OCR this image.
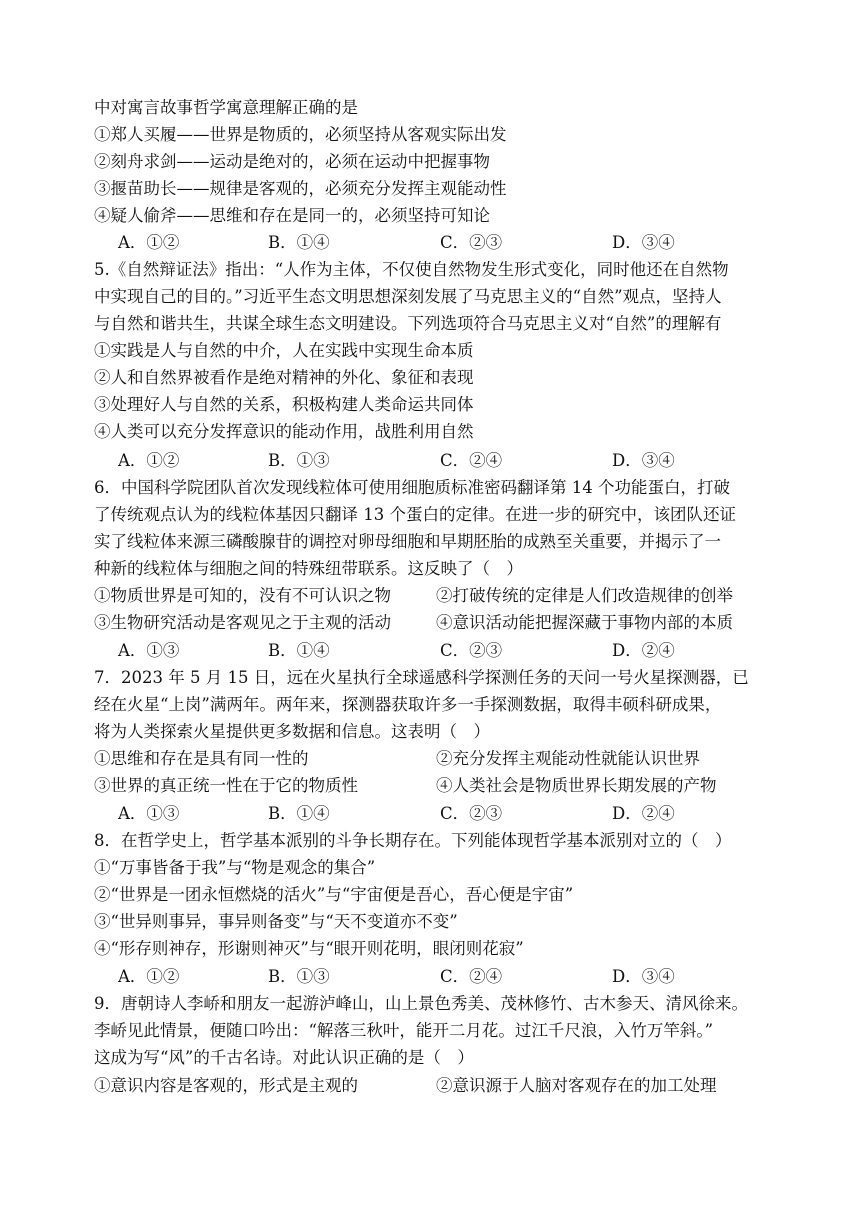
中对寓言故事哲学寓意理解正确的是
①郑人买履——世界是物质的，必须坚持从客观实际出发
②刻舟求剑——运动是绝对的，必须在运动中把握事物
③揠苗助长——规律是客观的，必须充分发挥主观能动性
④疑人偷斧——思维和存在是同一的，必须坚持可知论
A．①②	B．①④	C．②③	D．③④
5.《自然辩证法》指出：“人作为主体，不仅使自然物发生形式变化，同时他还在自然物
中实现自己的目的。”习近平生态文明思想深刻发展了马克思主义的“自然”观点，坚持人
与自然和谐共生，共谋全球生态文明建设。下列选项符合马克思主义对“自然”的理解有
①实践是人与自然的中介，人在实践中实现生命本质
②人和自然界被看作是绝对精神的外化、象征和表现
③处理好人与自然的关系，积极构建人类命运共同体
④人类可以充分发挥意识的能动作用，战胜利用自然
A．①②	B．①③	C．②④	D．③④
6．中国科学院团队首次发现线粒体可使用细胞质标准密码翻译第 14 个功能蛋白，打破
了传统观点认为的线粒体基因只翻译 13 个蛋白的定律。在进一步的研究中，该团队还证
实了线粒体来源三磷酸腺苷的调控对卵母细胞和早期胚胎的成熟至关重要，并揭示了一
种新的线粒体与细胞之间的特殊纽带联系。这反映了（　）
①物质世界是可知的，没有不可认识之物	②打破传统的定律是人们改造规律的创举
③生物研究活动是客观见之于主观的活动	④意识活动能把握深藏于事物内部的本质
A．①③	B．①④	C．②③	D．②④
7．2023 年 5 月 15 日，远在火星执行全球遥感科学探测任务的天问一号火星探测器，已
经在火星“上岗”满两年。两年来，探测器获取许多一手探测数据，取得丰硕科研成果，
将为人类探索火星提供更多数据和信息。这表明（　）
①思维和存在是具有同一性的	②充分发挥主观能动性就能认识世界
③世界的真正统一性在于它的物质性	④人类社会是物质世界长期发展的产物
A．①③	B．①④	C．②③	D．②④
8．在哲学史上，哲学基本派别的斗争长期存在。下列能体现哲学基本派别对立的（　）
①“万事皆备于我”与“物是观念的集合”
②“世界是一团永恒燃烧的活火”与“宇宙便是吾心，吾心便是宇宙”
③“世异则事异，事异则备变”与“天不变道亦不变”
④“形存则神存，形谢则神灭”与“眼开则花明，眼闭则花寂”
A．①②	B．①③	C．②④	D．③④
9．唐朝诗人李峤和朋友一起游泸峰山，山上景色秀美、茂林修竹、古木参天、清风徐来。
李峤见此情景，便随口吟出：“解落三秋叶，能开二月花。过江千尺浪，入竹万竿斜。”
这成为写“风”的千古名诗。对此认识正确的是（　）
①意识内容是客观的，形式是主观的	②意识源于人脑对客观存在的加工处理
